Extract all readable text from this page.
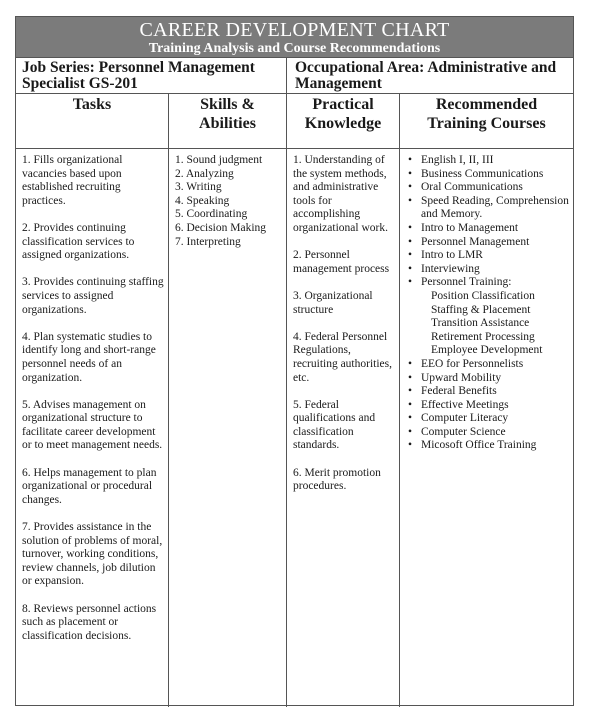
CAREER DEVELOPMENT CHART
Training Analysis and Course Recommendations
Job Series: Personnel Management Specialist GS-201
Occupational Area: Administrative and Management
Tasks

1. Fills organizational vacancies based upon established recruiting practices.

2. Provides continuing classification services to assigned organizations.

3. Provides continuing staffing services to assigned organizations.

4. Plan systematic studies to identify long and short-range personnel needs of an organization.

5. Advises management on organizational structure to facilitate career development or to meet management needs.

6. Helps management to plan organizational or procedural changes.

7. Provides assistance in the solution of problems of moral, turnover, working conditions, review channels, job dilution or expansion.

8. Reviews personnel actions such as placement or classification decisions.

Skills & Abilities
1. Sound judgment
2. Analyzing
3. Writing
4. Speaking
5. Coordinating
6. Decision Making
7. Interpreting
Practical Knowledge

1. Understanding of the system methods, and administrative tools for accomplishing organizational work.

2. Personnel management process

3. Organizational structure

4. Federal Personnel Regulations, recruiting authorities, etc.

5. Federal qualifications and classification standards.

6. Merit promotion procedures.

Recommended Training Courses
• English I, II, III
• Business Communications
• Oral Communications
• Speed Reading, Comprehension and Memory.
• Intro to Management
• Personnel Management
• Intro to LMR
• Interviewing
• Personnel Training:
Position Classification
Staffing & Placement
Transition Assistance
Retirement Processing
Employee Development
• EEO for Personnelists
• Upward Mobility
• Federal Benefits
• Effective Meetings
• Computer Literacy
• Computer Science
• Micosoft Office Training
